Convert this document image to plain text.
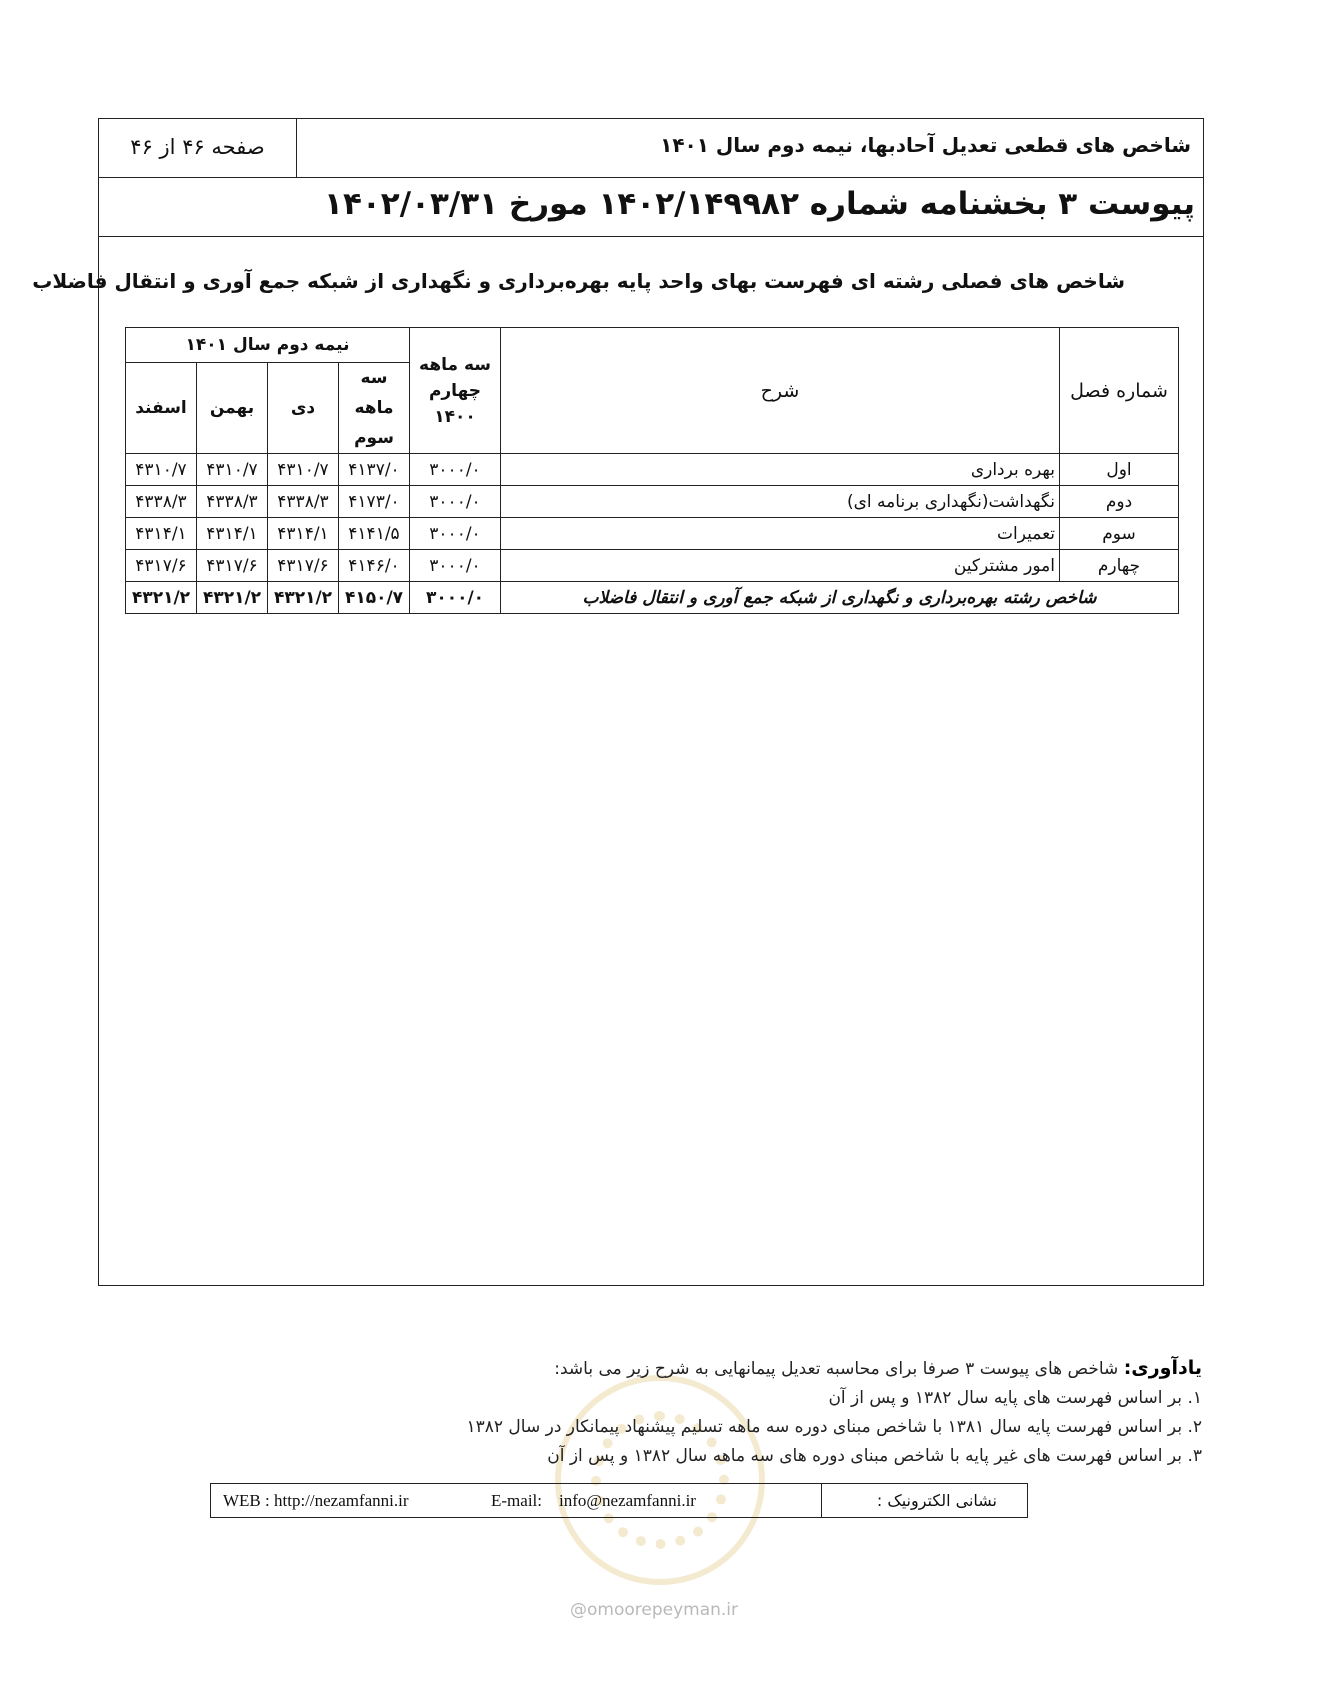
شاخص های قطعی تعدیل آحادبها، نیمه دوم سال ۱۴۰۱
صفحه ۴۶ از ۴۶
پیوست ۳ بخشنامه شماره ۱۴۰۲/۱۴۹۹۸۲ مورخ ۱۴۰۲/۰۳/۳۱
شاخص های فصلی رشته ای فهرست بهای واحد پایه بهره‌برداری و نگهداری از شبکه جمع آوری و انتقال فاضلاب
شماره فصل	شرح	سه ماهه چهارم ۱۴۰۰	نیمه دوم سال ۱۴۰۱			
			سه ماهه سوم	دی	بهمن	اسفند
اول	بهره برداری	۳۰۰۰/۰	۴۱۳۷/۰	۴۳۱۰/۷	۴۳۱۰/۷	۴۳۱۰/۷
دوم	نگهداشت(نگهداری برنامه ای)	۳۰۰۰/۰	۴۱۷۳/۰	۴۳۳۸/۳	۴۳۳۸/۳	۴۳۳۸/۳
سوم	تعمیرات	۳۰۰۰/۰	۴۱۴۱/۵	۴۳۱۴/۱	۴۳۱۴/۱	۴۳۱۴/۱
چهارم	امور مشترکین	۳۰۰۰/۰	۴۱۴۶/۰	۴۳۱۷/۶	۴۳۱۷/۶	۴۳۱۷/۶
شاخص رشته بهره‌برداری و نگهداری از شبکه جمع آوری و انتقال فاضلاب		۳۰۰۰/۰	۴۱۵۰/۷	۴۳۲۱/۲	۴۳۲۱/۲	۴۳۲۱/۲
یادآوری: شاخص های پیوست ۳ صرفا برای محاسبه تعدیل پیمانهایی به شرح زیر می باشد:
۱. بر اساس فهرست های پایه سال ۱۳۸۲ و پس از آن
۲. بر اساس فهرست پایه سال ۱۳۸۱ با شاخص مبنای دوره سه ماهه تسلیم پیشنهاد پیمانکار در سال ۱۳۸۲
۳. بر اساس فهرست های غیر پایه با شاخص مبنای دوره های سه ماهه سال ۱۳۸۲ و پس از آن
نشانی الکترونیک :
WEB : http://nezamfanni.ir	E-mail: info@nezamfanni.ir
@omoorepeyman.ir
